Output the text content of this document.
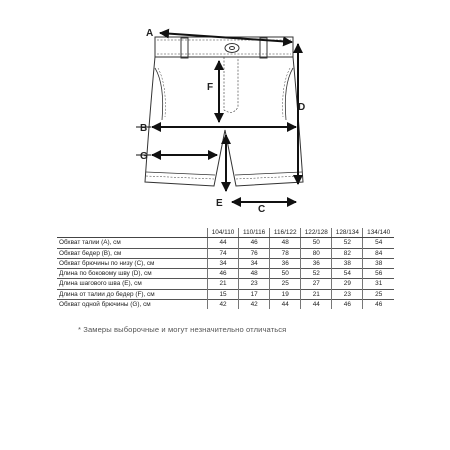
A
B
C
D
E
F
G
	104/110	110/116	116/122	122/128	128/134	134/140
Обхват талии (А), см	44	46	48	50	52	54
Обхват бедер (В), см	74	76	78	80	82	84
Обхват брючины по низу (С), см	34	34	36	36	38	38
Длина по боковому шву (D), см	46	48	50	52	54	56
Длина шагового шва (Е), см	21	23	25	27	29	31
Длина от талии до бедер (F), см	15	17	19	21	23	25
Обхват одной брючины (G), см	42	42	44	44	46	46
* Замеры выборочные и могут незначительно отличаться
